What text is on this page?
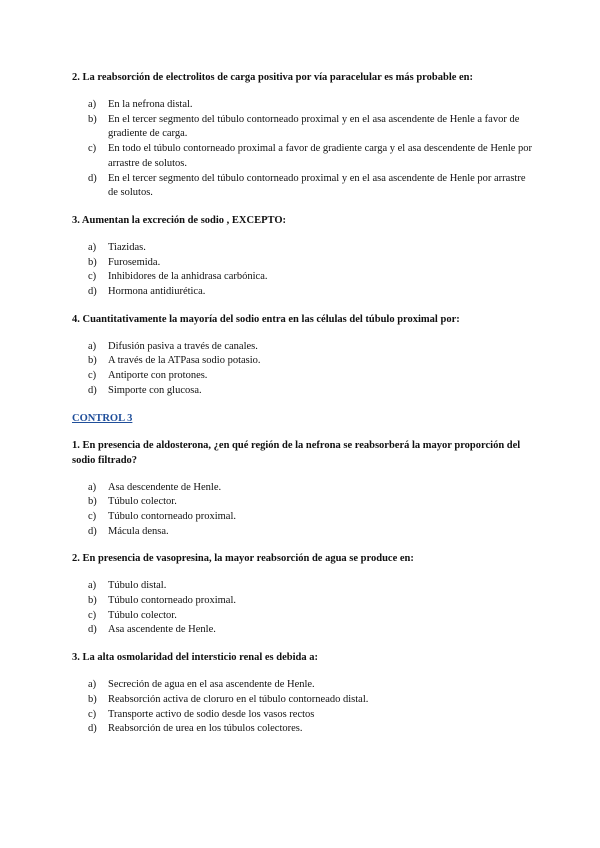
2. La reabsorción de electrolitos de carga positiva por vía paracelular es más probable en:

a)	En la nefrona distal.
b)	En el tercer segmento del túbulo contorneado proximal y en el asa ascendente de Henle a favor de gradiente de carga.
c)	En todo el túbulo contorneado proximal a favor de gradiente carga y el asa descendente de Henle por arrastre de solutos.
d)	En el tercer segmento del túbulo contorneado proximal y en el asa ascendente de Henle por arrastre de solutos.

3. Aumentan la excreción de sodio , EXCEPTO:

a)	Tiazidas.
b)	Furosemida.
c)	Inhibidores de la anhidrasa carbónica.
d)	Hormona antidiurética.

4. Cuantitativamente la mayoría del sodio entra en las células del túbulo proximal por:

a)	Difusión pasiva a través de canales.
b)	A través de la ATPasa sodio potasio.
c)	Antiporte con protones.
d)	Simporte con glucosa.
CONTROL 3

1. En presencia de aldosterona, ¿en qué región de la nefrona se reabsorberá la mayor proporción del sodio filtrado?

a)	Asa descendente de Henle.
b)	Túbulo colector.
c)	Túbulo contorneado proximal.
d)	Mácula densa.

2. En presencia de vasopresina, la mayor reabsorción de agua se produce en:

a)	Túbulo distal.
b)	Túbulo contorneado proximal.
c)	Túbulo colector.
d)	Asa ascendente de Henle.

3. La alta osmolaridad del intersticio renal es debida a:

a)	Secreción de agua en el asa ascendente de Henle.
b)	Reabsorción activa de cloruro en el túbulo contorneado distal.
c)	Transporte activo de sodio desde los vasos rectos
d)	Reabsorción de urea en los túbulos colectores.
